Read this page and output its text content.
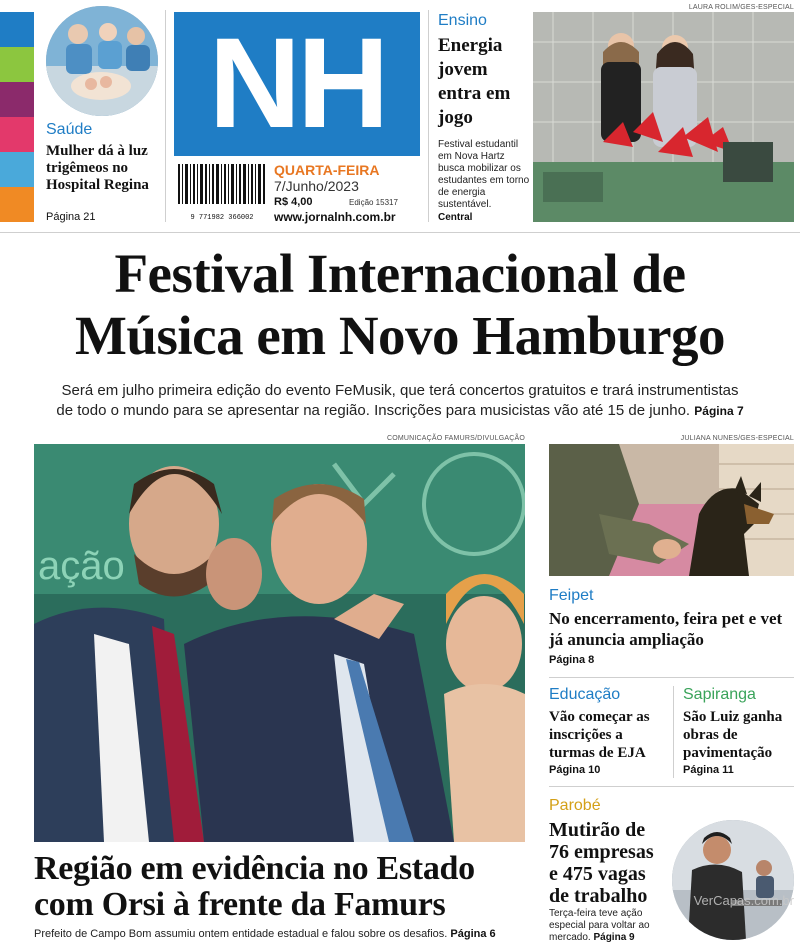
Saúde
Mulher dá à luz trigêmeos no Hospital Regina
Página 21
NH
9 771982 366002
QUARTA-FEIRA
7/Junho/2023
R$ 4,00	Edição 15317
www.jornalnh.com.br
Ensino
Energia jovem entra em jogo
Festival estudantil em Nova Hartz busca mobilizar os estudantes em torno de energia sustentável.
Central
LAURA ROLIM/GES-ESPECIAL
Festival Internacional de
Música em Novo Hamburgo
Será em julho primeira edição do evento FeMusik, que terá concertos gratuitos e trará instrumentistas
de todo o mundo para se apresentar na região. Inscrições para musicistas vão até 15 de junho. Página 7
COMUNICAÇÃO FAMURS/DIVULGAÇÃO
ação
Região em evidência no Estado
com Orsi à frente da Famurs
Prefeito de Campo Bom assumiu ontem entidade estadual e falou sobre os desafios. Página 6
JULIANA NUNES/GES-ESPECIAL
Feipet
No encerramento, feira pet e vet já anuncia ampliação
Página 8
Educação
Vão começar as inscrições a turmas de EJA
Página 10
Sapiranga
São Luiz ganha obras de pavimentação
Página 11
Parobé
Mutirão de
76 empresas
e 475 vagas
de trabalho
Terça-feira teve ação especial para voltar ao mercado. Página 9
VerCapas.com.br
